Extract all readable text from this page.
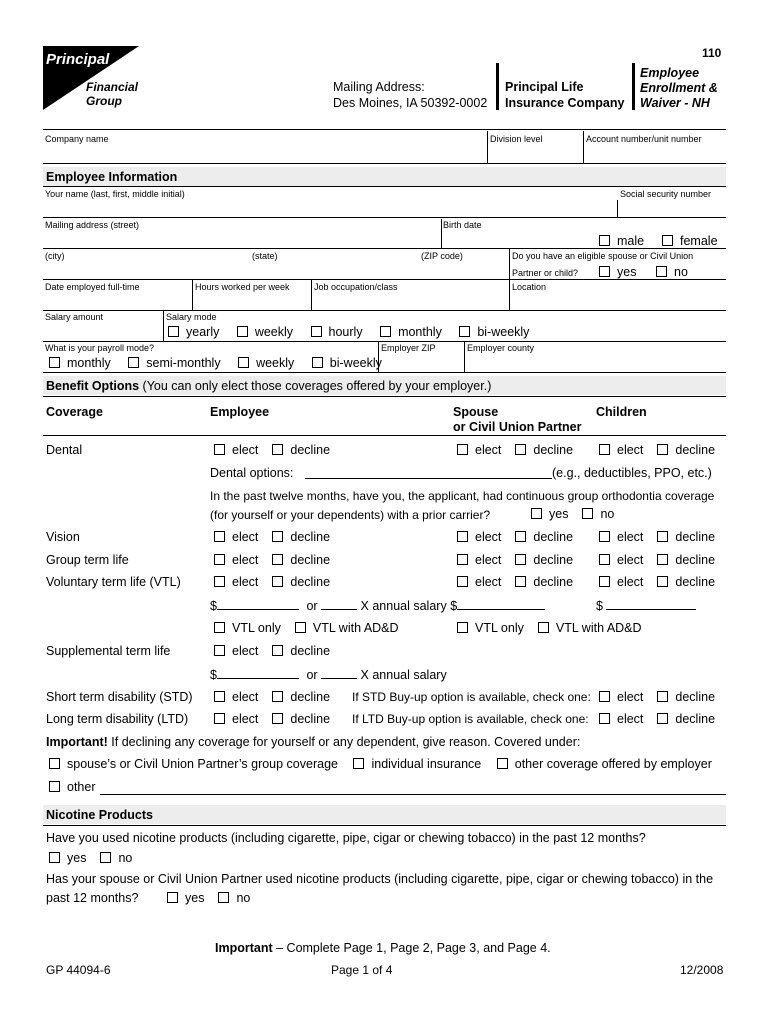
Principal
Financial
Group
110
Mailing Address:
Des Moines, IA 50392-0002
Principal Life
Insurance Company
Employee
Enrollment &
Waiver - NH
Company name	Division level	Account number/unit number
Employee Information
Your name (last, first, middle initial)	Social security number
Mailing address (street)	Birth date
male	female
(city)	(state)	(ZIP code)	Do you have an eligible spouse or Civil Union
Partner or child?	yes	no
Date employed full-time	Hours worked per week	Job occupation/class	Location
Salary amount	Salary mode
yearly	weekly	hourly	monthly	bi-weekly
What is your payroll mode?	Employer ZIP	Employer county
monthly	semi-monthly	weekly	bi-weekly
Benefit Options (You can only elect those coverages offered by your employer.)
Coverage	Employee	Spouse
or Civil Union Partner
Children
Dental	elect	decline	elect	decline	elect	decline
Dental options:	(e.g., deductibles, PPO, etc.)
In the past twelve months, have you, the applicant, had continuous group orthodontia coverage
(for yourself or your dependents) with a prior carrier?	yes	no
Vision	elect	decline	elect	decline	elect	decline
Group term life	elect	decline	elect	decline	elect	decline
Voluntary term life (VTL)	elect	decline	elect	decline	elect	decline
$	or	X annual salary $	$
VTL only	VTL with AD&D	VTL only	VTL with AD&D
Supplemental term life	elect	decline
$	or	X annual salary
Short term disability (STD)	elect	decline If STD Buy-up option is available, check one:	elect	decline
Long term disability (LTD)	elect	decline If LTD Buy-up option is available, check one:	elect	decline
Important! If declining any coverage for yourself or any dependent, give reason. Covered under:
spouse’s or Civil Union Partner’s group coverage	individual insurance	other coverage offered by employer
other
Nicotine Products
Have you used nicotine products (including cigarette, pipe, cigar or chewing tobacco) in the past 12 months?
yes	no
Has your spouse or Civil Union Partner used nicotine products (including cigarette, pipe, cigar or chewing tobacco) in the
past 12 months?	yes	no
Important – Complete Page 1, Page 2, Page 3, and Page 4.
GP 44094-6	Page 1 of 4	12/2008
